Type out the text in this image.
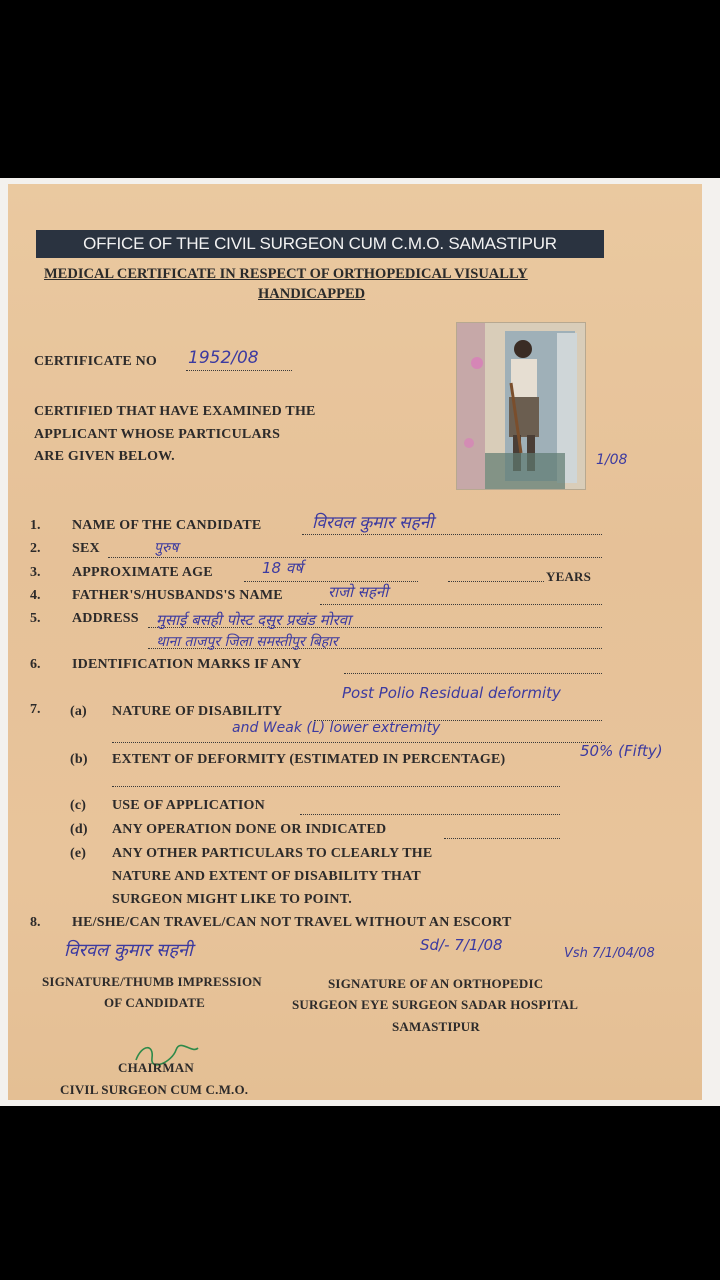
OFFICE OF THE CIVIL SURGEON CUM C.M.O. SAMASTIPUR
MEDICAL CERTIFICATE IN RESPECT OF ORTHOPEDICAL VISUALLY
HANDICAPPED
CERTIFICATE NO 1952/08
CERTIFIED THAT HAVE EXAMINED THE
APPLICANT WHOSE PARTICULARS
ARE GIVEN BELOW.	1/08
1. NAME OF THE CANDIDATE	विरवल कुमार सहनी
2. SEX	पुरुष
3. APPROXIMATE AGE	18 वर्ष	YEARS
4. FATHER'S/HUSBANDS'S NAME	राजो सहनी
5. ADDRESS मुसाई बसही पोस्ट दसुर प्रखंड मोरवा
थाना ताजपुर जिला समस्तीपुर बिहार
6. IDENTIFICATION MARKS IF ANY
7. (a) NATURE OF DISABILITY
Post Polio Residual deformity
and Weak (L) lower extremity
(b) EXTENT OF DEFORMITY (ESTIMATED IN PERCENTAGE)	50% (Fifty)
(c) USE OF APPLICATION
(d) ANY OPERATION DONE OR INDICATED
(e) ANY OTHER PARTICULARS TO CLEARLY THE
NATURE AND EXTENT OF DISABILITY THAT
SURGEON MIGHT LIKE TO POINT.
8. HE/SHE/CAN TRAVEL/CAN NOT TRAVEL WITHOUT AN ESCORT
विरवल कुमार सहनी
SIGNATURE/THUMB IMPRESSION
OF CANDIDATE
Sd/- 7/1/08	Vsh 7/1/04/08
SIGNATURE OF AN ORTHOPEDIC
SURGEON EYE SURGEON SADAR HOSPITAL
SAMASTIPUR
CHAIRMAN
CIVIL SURGEON CUM C.M.O.
